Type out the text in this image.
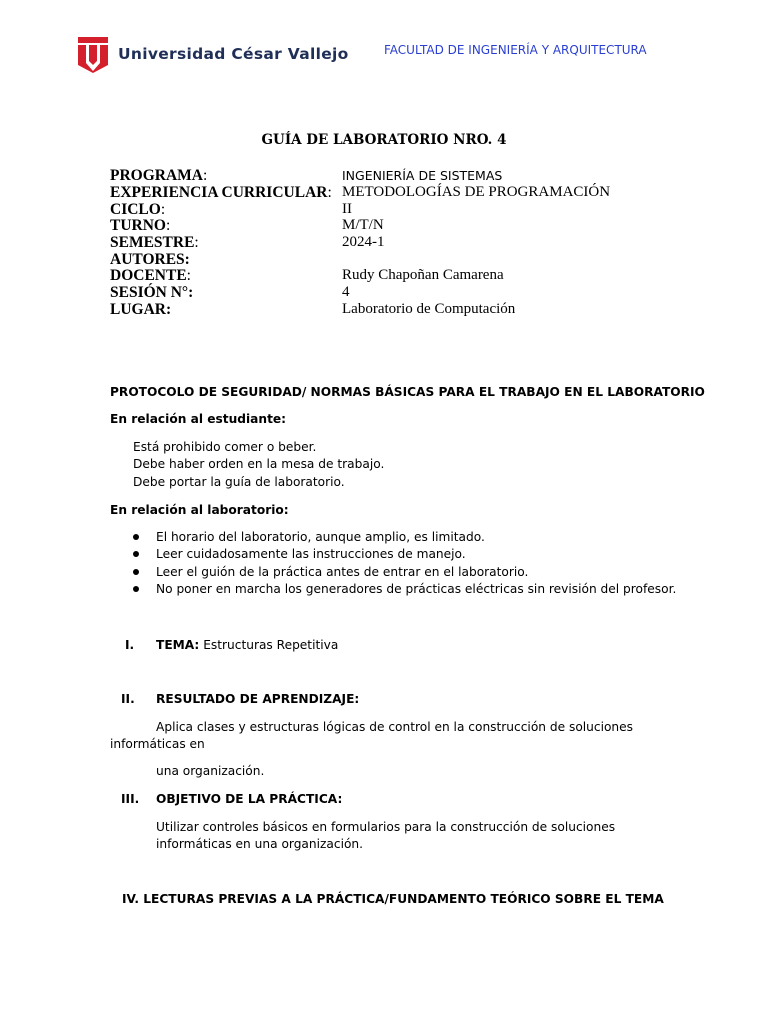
Universidad César Vallejo	FACULTAD DE INGENIERÍA Y ARQUITECTURA
GUÍA DE LABORATORIO NRO. 4
PROGRAMA:	INGENIERÍA DE SISTEMAS
EXPERIENCIA CURRICULAR: METODOLOGÍAS DE PROGRAMACIÓN
CICLO:	II
TURNO:	M/T/N
SEMESTRE:	2024-1
AUTORES:
DOCENTE:	Rudy Chapoñan Camarena
SESIÓN N°:	4
LUGAR:	Laboratorio de Computación
PROTOCOLO DE SEGURIDAD/ NORMAS BÁSICAS PARA EL TRABAJO EN EL LABORATORIO
En relación al estudiante:
Está prohibido comer o beber.
Debe haber orden en la mesa de trabajo.
Debe portar la guía de laboratorio.
En relación al laboratorio:
El horario del laboratorio, aunque amplio, es limitado.
Leer cuidadosamente las instrucciones de manejo.
Leer el guión de la práctica antes de entrar en el laboratorio.
No poner en marcha los generadores de prácticas eléctricas sin revisión del profesor.
I. TEMA: Estructuras Repetitiva
II. RESULTADO DE APRENDIZAJE:
Aplica clases y estructuras lógicas de control en la construcción de soluciones
informáticas en
una organización.
III. OBJETIVO DE LA PRÁCTICA:
Utilizar controles básicos en formularios para la construcción de soluciones
informáticas en una organización.
IV. LECTURAS PREVIAS A LA PRÁCTICA/FUNDAMENTO TEÓRICO SOBRE EL TEMA
